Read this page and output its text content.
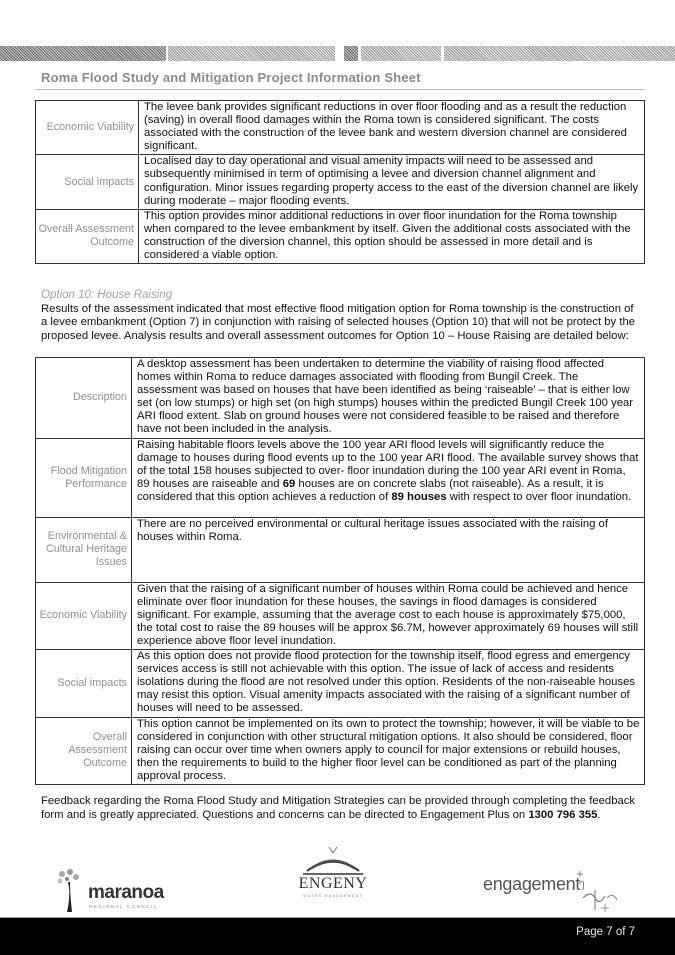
Roma Flood Study and Mitigation Project Information Sheet
Economic Viability	The levee bank provides significant reductions in over floor flooding and as a result the reduction (saving) in overall flood damages within the Roma town is considered significant. The costs associated with the construction of the levee bank and western diversion channel are considered significant.
Social impacts	Localised day to day operational and visual amenity impacts will need to be assessed and subsequently minimised in term of optimising a levee and diversion channel alignment and configuration. Minor issues regarding property access to the east of the diversion channel are likely during moderate – major flooding events.
Overall Assessment Outcome	This option provides minor additional reductions in over floor inundation for the Roma township when compared to the levee embankment by itself. Given the additional costs associated with the construction of the diversion channel, this option should be assessed in more detail and is considered a viable option.
Option 10: House Raising
Results of the assessment indicated that most effective flood mitigation option for Roma township is the construction of a levee embankment (Option 7) in conjunction with raising of selected houses (Option 10) that will not be protect by the proposed levee. Analysis results and overall assessment outcomes for Option 10 – House Raising are detailed below:
Description	A desktop assessment has been undertaken to determine the viability of raising flood affected homes within Roma to reduce damages associated with flooding from Bungil Creek. The assessment was based on houses that have been identified as being ‘raiseable’ – that is either low set (on low stumps) or high set (on high stumps) houses within the predicted Bungil Creek 100 year ARI flood extent. Slab on ground houses were not considered feasible to be raised and therefore have not been included in the analysis.
Flood Mitigation Performance	Raising habitable floors levels above the 100 year ARI flood levels will significantly reduce the damage to houses during flood events up to the 100 year ARI flood. The available survey shows that of the total 158 houses subjected to over- floor inundation during the 100 year ARI event in Roma, 89 houses are raiseable and 69 houses are on concrete slabs (not raiseable). As a result, it is considered that this option achieves a reduction of 89 houses with respect to over floor inundation.
Environmental & Cultural Heritage Issues	There are no perceived environmental or cultural heritage issues associated with the raising of houses within Roma.
Economic Viability	Given that the raising of a significant number of houses within Roma could be achieved and hence eliminate over floor inundation for these houses, the savings in flood damages is considered significant. For example, assuming that the average cost to each house is approximately $75,000, the total cost to raise the 89 houses will be approx $6.7M, however approximately 69 houses will still experience above floor level inundation.
Social impacts	As this option does not provide flood protection for the township itself, flood egress and emergency services access is still not achievable with this option. The issue of lack of access and residents isolations during the flood are not resolved under this option. Residents of the non-raiseable houses may resist this option. Visual amenity impacts associated with the raising of a significant number of houses will need to be assessed.
Overall Assessment Outcome	This option cannot be implemented on its own to protect the township; however, it will be viable to be considered in conjunction with other structural mitigation options. It also should be considered, floor raising can occur over time when owners apply to council for major extensions or rebuild houses, then the requirements to build to the higher floor level can be conditioned as part of the planning approval process.
Feedback regarding the Roma Flood Study and Mitigation Strategies can be provided through completing the feedback form and is greatly appreciated. Questions and concerns can be directed to Engagement Plus on 1300 796 355.
maranoa
REGIONAL COUNCIL
ENGENY
WATER MANAGEMENT
engagement
Page 7 of 7
